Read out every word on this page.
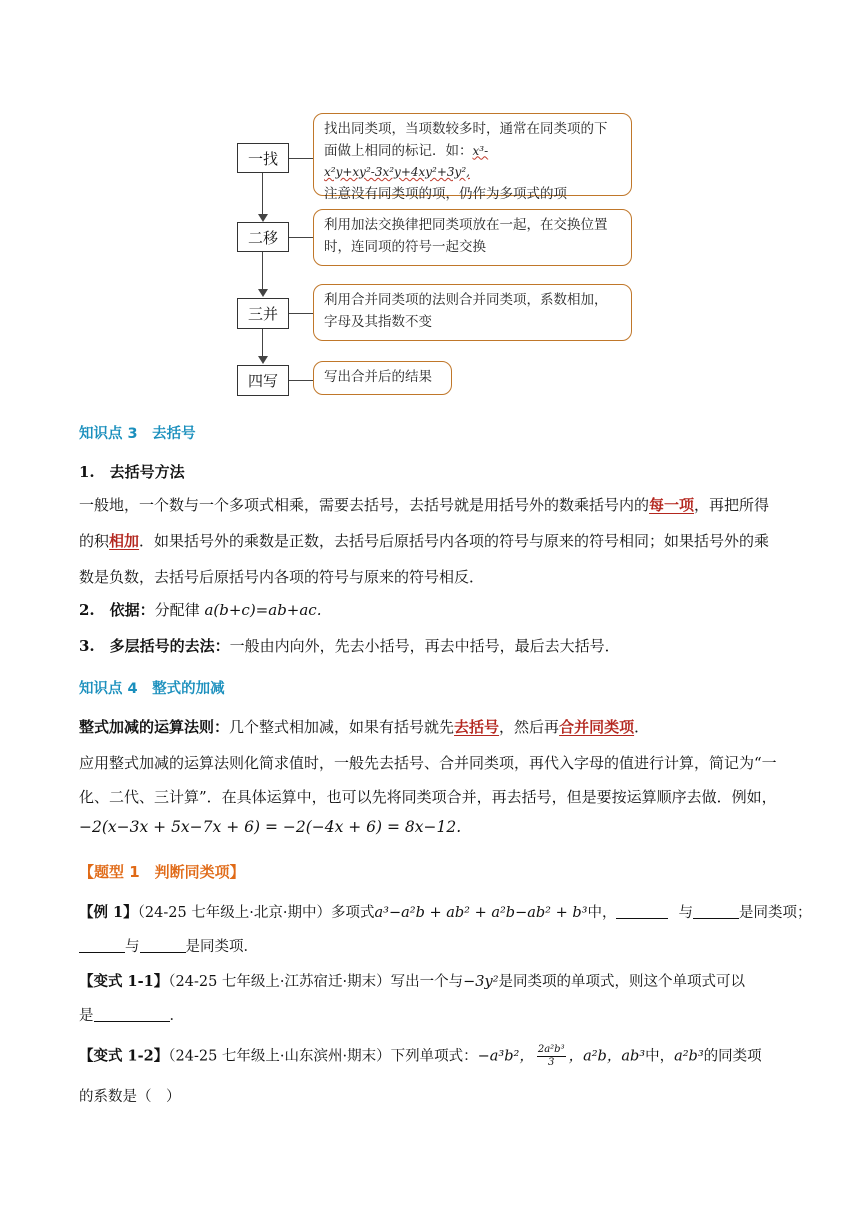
一找
二移
三并
四写
找出同类项，当项数较多时，通常在同类项的下
面做上相同的标记．如：x³-x²y+xy²-3x²y+4xy²+3y²,
注意没有同类项的项，仍作为多项式的项
利用加法交换律把同类项放在一起，在交换位置
时，连同项的符号一起交换
利用合并同类项的法则合并同类项，系数相加，
字母及其指数不变
写出合并后的结果
知识点 3　去括号
1.　去括号方法
一般地，一个数与一个多项式相乘，需要去括号，去括号就是用括号外的数乘括号内的每一项，再把所得
的积相加．如果括号外的乘数是正数，去括号后原括号内各项的符号与原来的符号相同；如果括号外的乘
数是负数，去括号后原括号内各项的符号与原来的符号相反．
2.　依据：分配律 a(b+c)=ab+ac.
3.　多层括号的去法：一般由内向外，先去小括号，再去中括号，最后去大括号．
知识点 4　整式的加减
整式加减的运算法则：几个整式相加减，如果有括号就先去括号，然后再合并同类项．
应用整式加减的运算法则化简求值时，一般先去括号、合并同类项，再代入字母的值进行计算，简记为“一
化、二代、三计算”．在具体运算中，也可以先将同类项合并，再去括号，但是要按运算顺序去做．例如，
−2(x−3x + 5x−7x + 6) = −2(−4x + 6) = 8x−12.
【题型 1　判断同类项】
【例 1】（24-25 七年级上·北京·期中）多项式a³−a²b + ab² + a²b−ab² + b³中，	与	是同类项；
与	是同类项．
【变式 1-1】（24-25 七年级上·江苏宿迁·期末）写出一个与−3y²是同类项的单项式，则这个单项式可以
是	．
【变式 1-2】（24-25 七年级上·山东滨州·期末）下列单项式：−a³b²， $\frac{\text{2a²b³}}{3}$ ，a²b，ab³中，a²b³的同类项
的系数是（　）
